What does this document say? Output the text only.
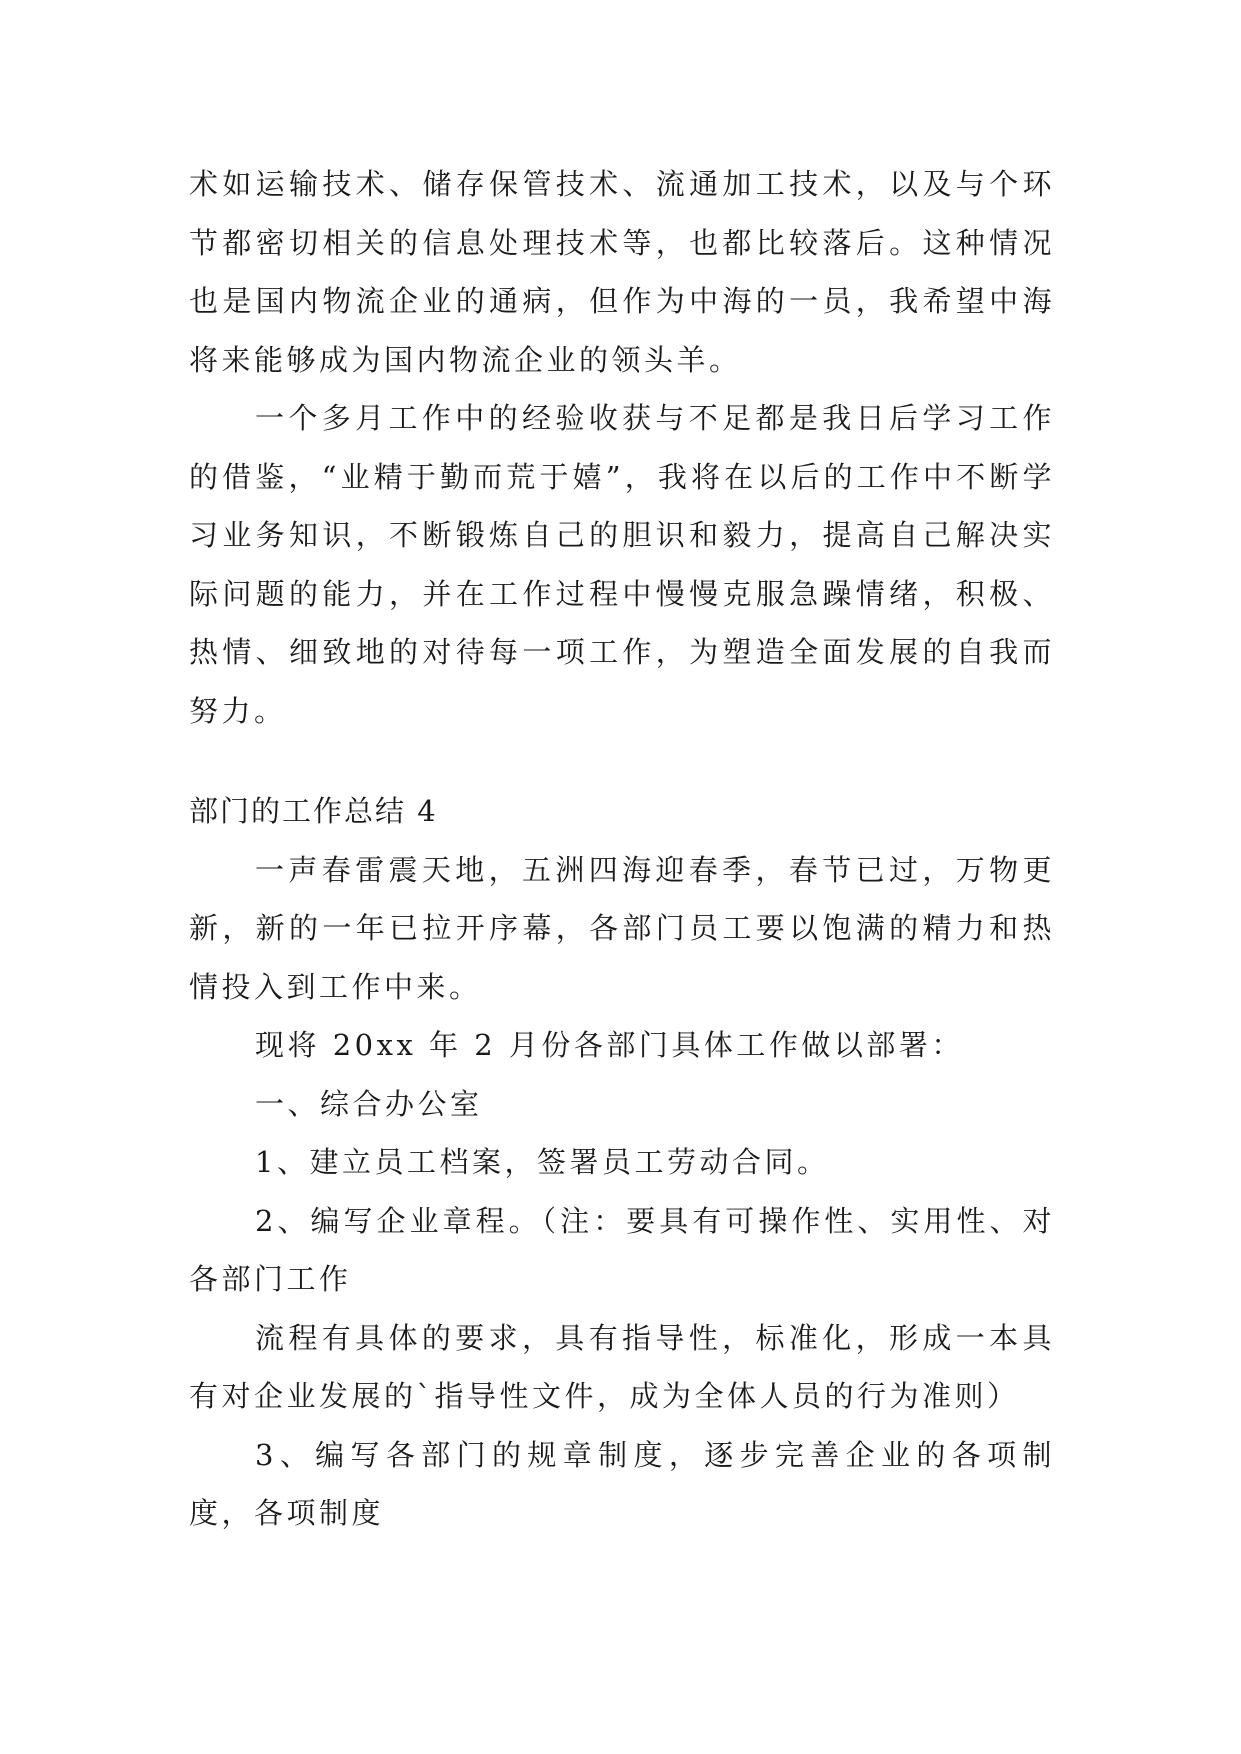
术如运输技术、储存保管技术、流通加工技术，以及与个环节都密切相关的信息处理技术等，也都比较落后。这种情况也是国内物流企业的通病，但作为中海的一员，我希望中海将来能够成为国内物流企业的领头羊。

一个多月工作中的经验收获与不足都是我日后学习工作的借鉴，“业精于勤而荒于嬉”，我将在以后的工作中不断学习业务知识，不断锻炼自己的胆识和毅力，提高自己解决实际问题的能力，并在工作过程中慢慢克服急躁情绪，积极、热情、细致地的对待每一项工作，为塑造全面发展的自我而努力。

部门的工作总结 4

一声春雷震天地，五洲四海迎春季，春节已过，万物更新，新的一年已拉开序幕，各部门员工要以饱满的精力和热情投入到工作中来。

现将 20xx 年 2 月份各部门具体工作做以部署：

一、综合办公室

1、建立员工档案，签署员工劳动合同。

2、编写企业章程。（注：要具有可操作性、实用性、对各部门工作

流程有具体的要求，具有指导性，标准化，形成一本具有对企业发展的`指导性文件，成为全体人员的行为准则）

3、编写各部门的规章制度，逐步完善企业的各项制度，各项制度
